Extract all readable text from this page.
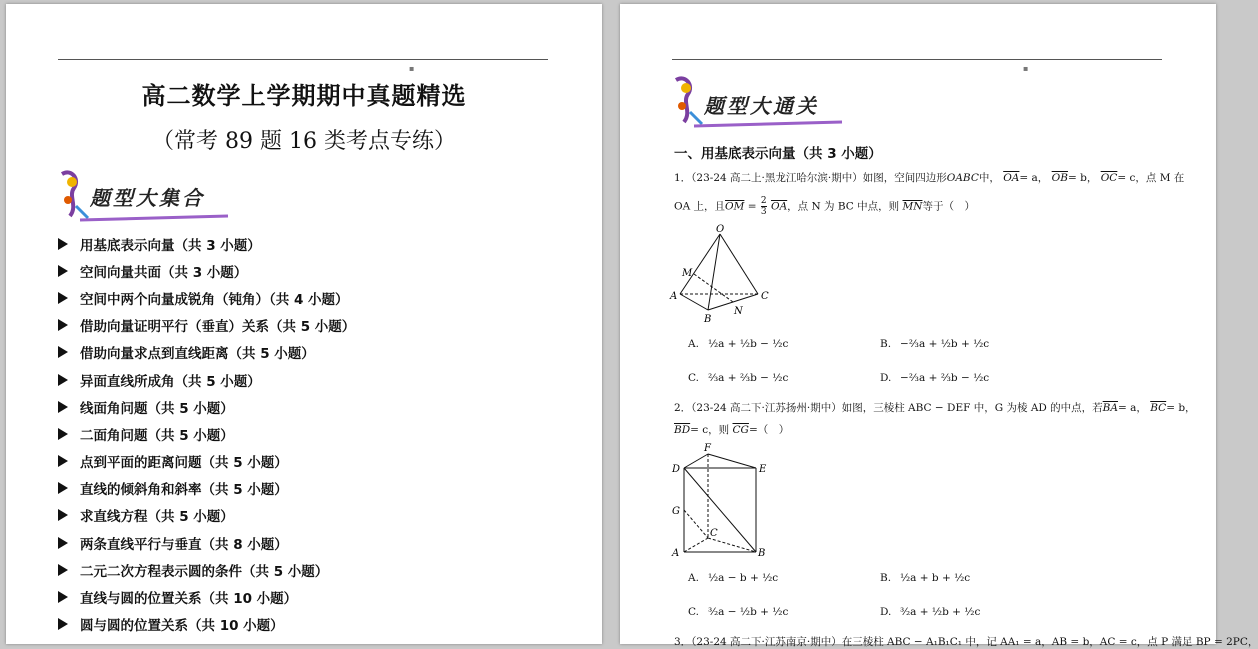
▪
高二数学上学期期中真题精选
（常考 89 题 16 类考点专练）
题型大集合
用基底表示向量（共 3 小题）
空间向量共面（共 3 小题）
空间中两个向量成锐角（钝角）（共 4 小题）
借助向量证明平行（垂直）关系（共 5 小题）
借助向量求点到直线距离（共 5 小题）
异面直线所成角（共 5 小题）
线面角问题（共 5 小题）
二面角问题（共 5 小题）
点到平面的距离问题（共 5 小题）
直线的倾斜角和斜率（共 5 小题）
求直线方程（共 5 小题）
两条直线平行与垂直（共 8 小题）
二元二次方程表示圆的条件（共 5 小题）
直线与圆的位置关系（共 10 小题）
圆与圆的位置关系（共 10 小题）
▪
题型大通关
一、用基底表示向量（共 3 小题）
1．（23-24 高二上·黑龙江哈尔滨·期中）如图，空间四边形OABC中， $\overline{OA}= a$， $\overline{OB}= b$， $\overline{OC}= c$，点 M 在
OA 上，且$\overline{OM} = \frac{2}{3} \overline{OA}$，点 N 为 BC 中点，则 $\overline{MN}$等于（　）
O
M
A
B
C
N
A. ½a + ½b − ½c	B. −⅔a + ½b + ½c
C. ⅔a + ⅔b − ½c	D. −⅔a + ⅔b − ½c
2．（23-24 高二下·江苏扬州·期中）如图，三棱柱 ABC − DEF 中，G 为棱 AD 的中点，若$\overline{BA}= a$， $\overline{BC}= b$，
$\overline{BD}= c$，则 $\overline{CG}=$（　）
F
D	E
G
C
A	B
A. ½a − b + ½c	B. ½a + b + ½c
C. ³⁄₂a − ½b + ½c	D. ³⁄₂a + ½b + ½c
3．（23-24 高二下·江苏南京·期中）在三棱柱 ABC − A₁B₁C₁ 中，记 AA₁ = a，AB = b，AC = c，点 P 满足 BP = 2PC，
